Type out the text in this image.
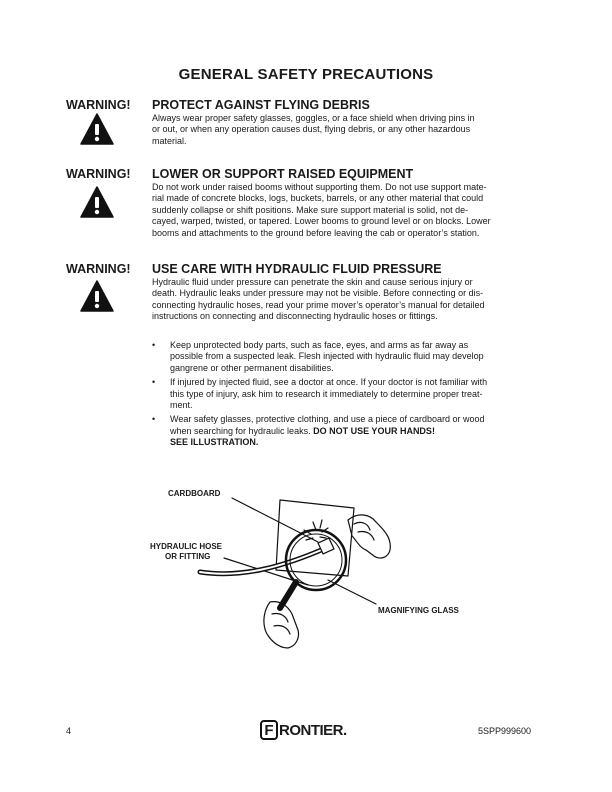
GENERAL SAFETY PRECAUTIONS
WARNING! PROTECT AGAINST FLYING DEBRIS

Always wear proper safety glasses, goggles, or a face shield when driving pins in
or out, or when any operation causes dust, flying debris, or any other hazardous
material.

WARNING! LOWER OR SUPPORT RAISED EQUIPMENT

Do not work under raised booms without supporting them. Do not use support mate-
rial made of concrete blocks, logs, buckets, barrels, or any other material that could
suddenly collapse or shift positions. Make sure support material is solid, not de-
cayed, warped, twisted, or tapered. Lower booms to ground level or on blocks. Lower
booms and attachments to the ground before leaving the cab or operator’s station.

WARNING! USE CARE WITH HYDRAULIC FLUID PRESSURE

Hydraulic fluid under pressure can penetrate the skin and cause serious injury or
death. Hydraulic leaks under pressure may not be visible. Before connecting or dis-
connecting hydraulic hoses, read your prime mover’s operator’s manual for detailed
instructions on connecting and disconnecting hydraulic hoses or fittings.

• Keep unprotected body parts, such as face, eyes, and arms as far away as
possible from a suspected leak. Flesh injected with hydraulic fluid may develop
gangrene or other permanent disabilities.
• If injured by injected fluid, see a doctor at once. If your doctor is not familiar with
this type of injury, ask him to research it immediately to determine proper treat-
ment.
• Wear safety glasses, protective clothing, and use a piece of cardboard or wood
when searching for hydraulic leaks. DO NOT USE YOUR HANDS!
SEE ILLUSTRATION.
CARDBOARD
HYDRAULIC HOSE
OR FITTING
MAGNIFYING GLASS
4	F RONTIER .	5SPP999600
